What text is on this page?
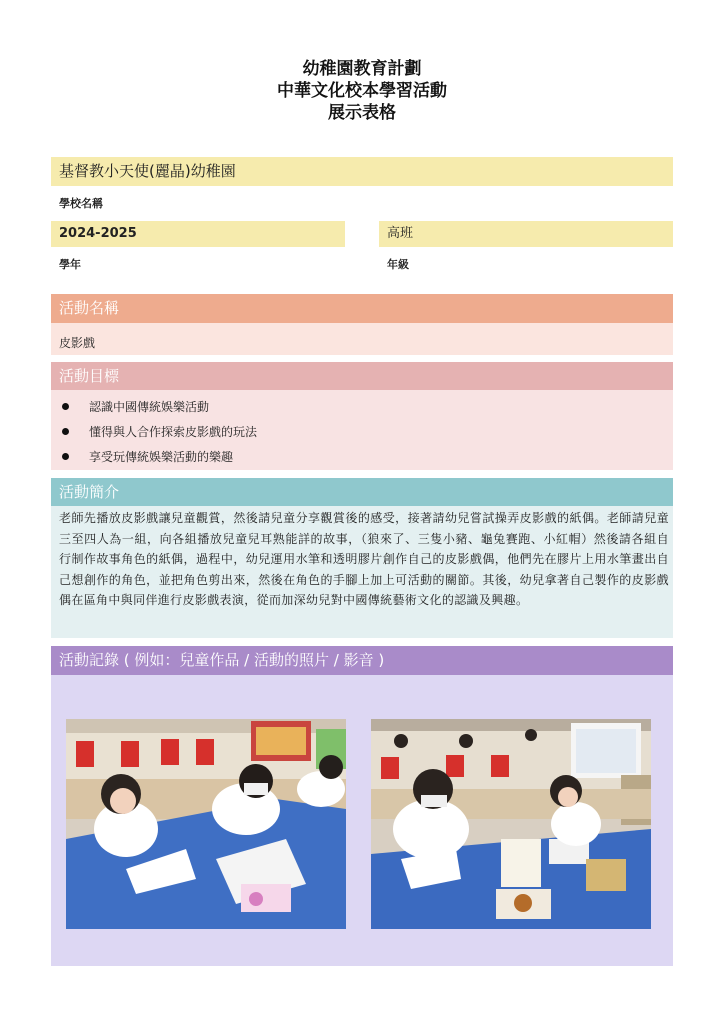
幼稚園教育計劃
中華文化校本學習活動
展示表格
基督教小天使(麗晶)幼稚園
學校名稱
2024-2025
學年
高班
年級
活動名稱
皮影戲
活動目標
認識中國傳統娛樂活動
懂得與人合作探索皮影戲的玩法
享受玩傳統娛樂活動的樂趣
活動簡介
老師先播放皮影戲讓兒童觀賞，然後請兒童分享觀賞後的感受，接著請幼兒嘗試操弄皮影戲的紙偶。老師請兒童三至四人為一組，向各組播放兒童兒耳熟能詳的故事，（狼來了、三隻小豬、龜兔賽跑、小紅帽）然後請各組自行制作故事角色的紙偶，過程中，幼兒運用水筆和透明膠片創作自己的皮影戲偶，他們先在膠片上用水筆畫出自己想創作的角色，並把角色剪出來，然後在角色的手腳上加上可活動的關節。其後，幼兒拿著自己製作的皮影戲偶在區角中與同伴進行皮影戲表演，從而加深幼兒對中國傳統藝術文化的認識及興趣。
活動記錄 ( 例如：兒童作品 / 活動的照片 / 影音 )
